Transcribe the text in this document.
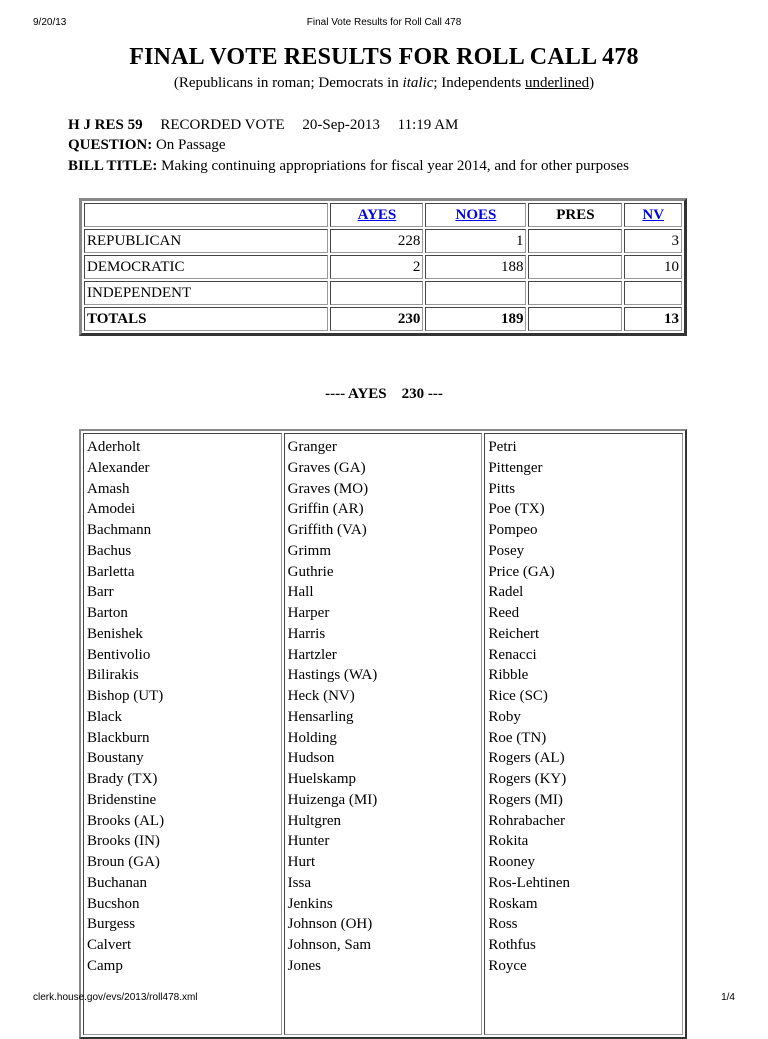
9/20/13	Final Vote Results for Roll Call 478
FINAL VOTE RESULTS FOR ROLL CALL 478
(Republicans in roman; Democrats in italic; Independents underlined)
H J RES 59 RECORDED VOTE 20-Sep-2013 11:19 AM
QUESTION: On Passage
BILL TITLE: Making continuing appropriations for fiscal year 2014, and for other purposes
	AYES	NOES	PRES	NV
REPUBLICAN	228	1		3
DEMOCRATIC	2	188		10
INDEPENDENT				
TOTALS	230	189		13
---- AYES 230 ---
Aderholt
Alexander
Amash
Amodei
Bachmann
Bachus
Barletta
Barr
Barton
Benishek
Bentivolio
Bilirakis
Bishop (UT)
Black
Blackburn
Boustany
Brady (TX)
Bridenstine
Brooks (AL)
Brooks (IN)
Broun (GA)
Buchanan
Bucshon
Burgess
Calvert
Camp
Granger
Graves (GA)
Graves (MO)
Griffin (AR)
Griffith (VA)
Grimm
Guthrie
Hall
Harper
Harris
Hartzler
Hastings (WA)
Heck (NV)
Hensarling
Holding
Hudson
Huelskamp
Huizenga (MI)
Hultgren
Hunter
Hurt
Issa
Jenkins
Johnson (OH)
Johnson, Sam
Jones
Petri
Pittenger
Pitts
Poe (TX)
Pompeo
Posey
Price (GA)
Radel
Reed
Reichert
Renacci
Ribble
Rice (SC)
Roby
Roe (TN)
Rogers (AL)
Rogers (KY)
Rogers (MI)
Rohrabacher
Rokita
Rooney
Ros-Lehtinen
Roskam
Ross
Rothfus
Royce
clerk.house.gov/evs/2013/roll478.xml	1/4
